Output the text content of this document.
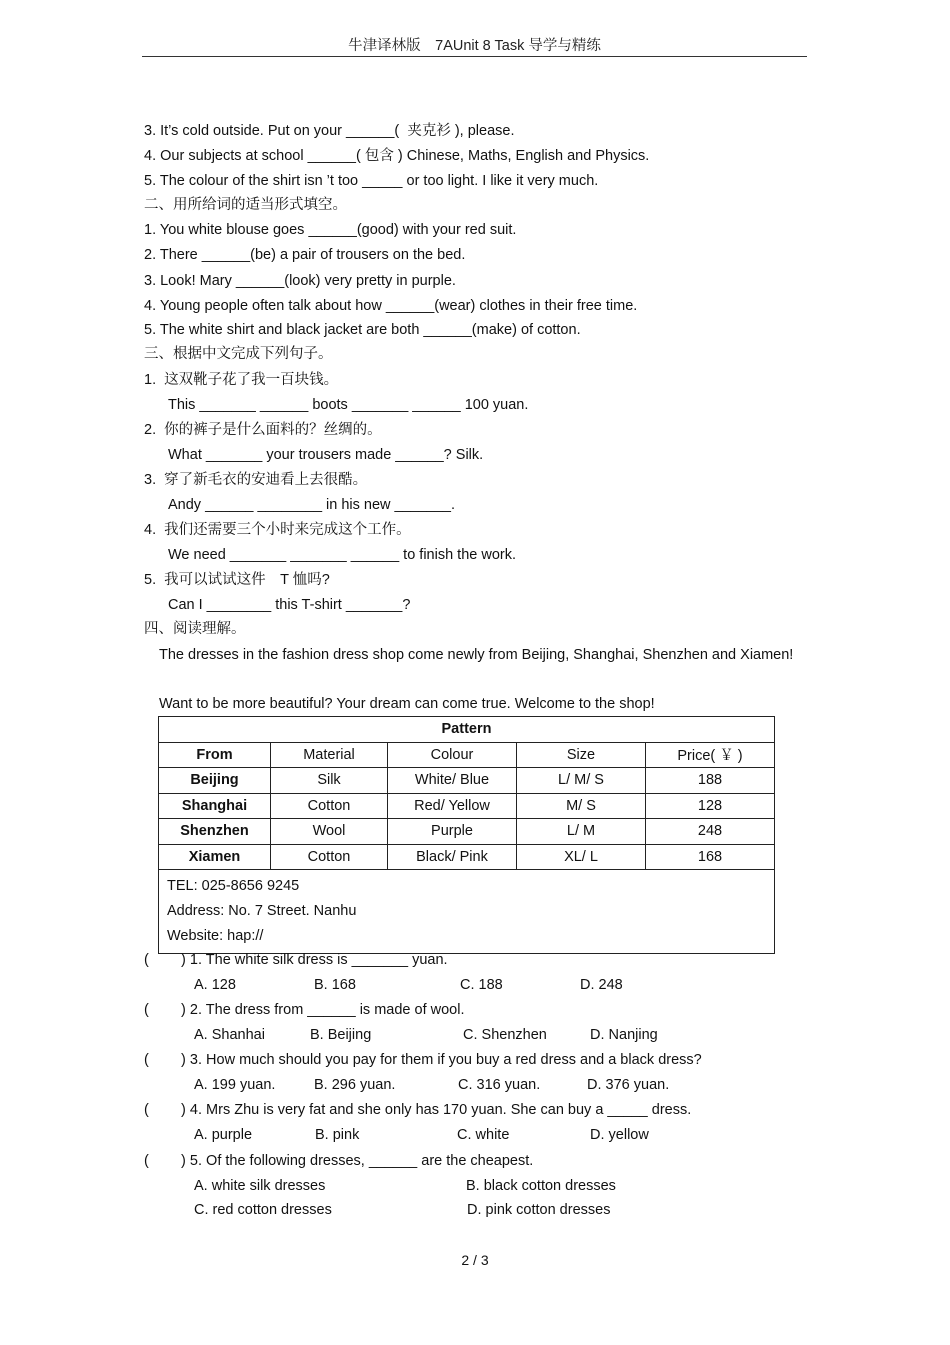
牛津译林版　7AUnit 8 Task 导学与精练
3. It’s cold outside. Put on your ______(  夹克衫 ), please.
4. Our subjects at school ______( 包含 ) Chinese, Maths, English and Physics.
5. The colour of the shirt isn ’t too _____ or too light. I like it very much.
二、用所给词的适当形式填空。
1. You white blouse goes ______(good) with your red suit.
2. There ______(be) a pair of trousers on the bed.
3. Look! Mary ______(look) very pretty in purple.
4. Young people often talk about how ______(wear) clothes in their free time.
5. The white shirt and black jacket are both ______(make) of cotton.
三、根据中文完成下列句子。
1.  这双靴子花了我一百块钱。
This _______ ______ boots _______ ______ 100 yuan.
2.  你的裤子是什么面料的？丝绸的。
What _______ your trousers made ______? Silk.
3.  穿了新毛衣的安迪看上去很酷。
Andy ______ ________ in his new _______.
4.  我们还需要三个小时来完成这个工作。
We need _______ _______ ______ to finish the work.
5.  我可以试试这件　T 恤吗?
Can I ________ this T-shirt _______?
四、阅读理解。
The dresses in the fashion dress shop come newly from Beijing, Shanghai, Shenzhen and Xiamen!
Want to be more beautiful? Your dream can come true. Welcome to the shop!
Pattern				
From	Material	Colour	Size	Price( ￥ )
Beijing	Silk	White/ Blue	L/ M/ S	188
Shanghai	Cotton	Red/ Yellow	M/ S	128
Shenzhen	Wool	Purple	L/ M	248
Xiamen	Cotton	Black/ Pink	XL/ L	168

TEL: 025-8656 9245
Address: No. 7 Street. Nanhu
Website: hap://				
(        ) 1. The white silk dress is _______ yuan.
A. 128	B. 168	C. 188	D. 248
(        ) 2. The dress from ______ is made of wool.
A. Shanhai	B. Beijing	C. Shenzhen	D. Nanjing
(        ) 3. How much should you pay for them if you buy a red dress and a black dress?
A. 199 yuan.	B. 296 yuan.	C. 316 yuan.	D. 376 yuan.
(        ) 4. Mrs Zhu is very fat and she only has 170 yuan. She can buy a _____ dress.
A. purple	B. pink	C. white	D. yellow
(        ) 5. Of the following dresses, ______ are the cheapest.
A. white silk dresses	B. black cotton dresses
C. red cotton dresses	D. pink cotton dresses
2 / 3
